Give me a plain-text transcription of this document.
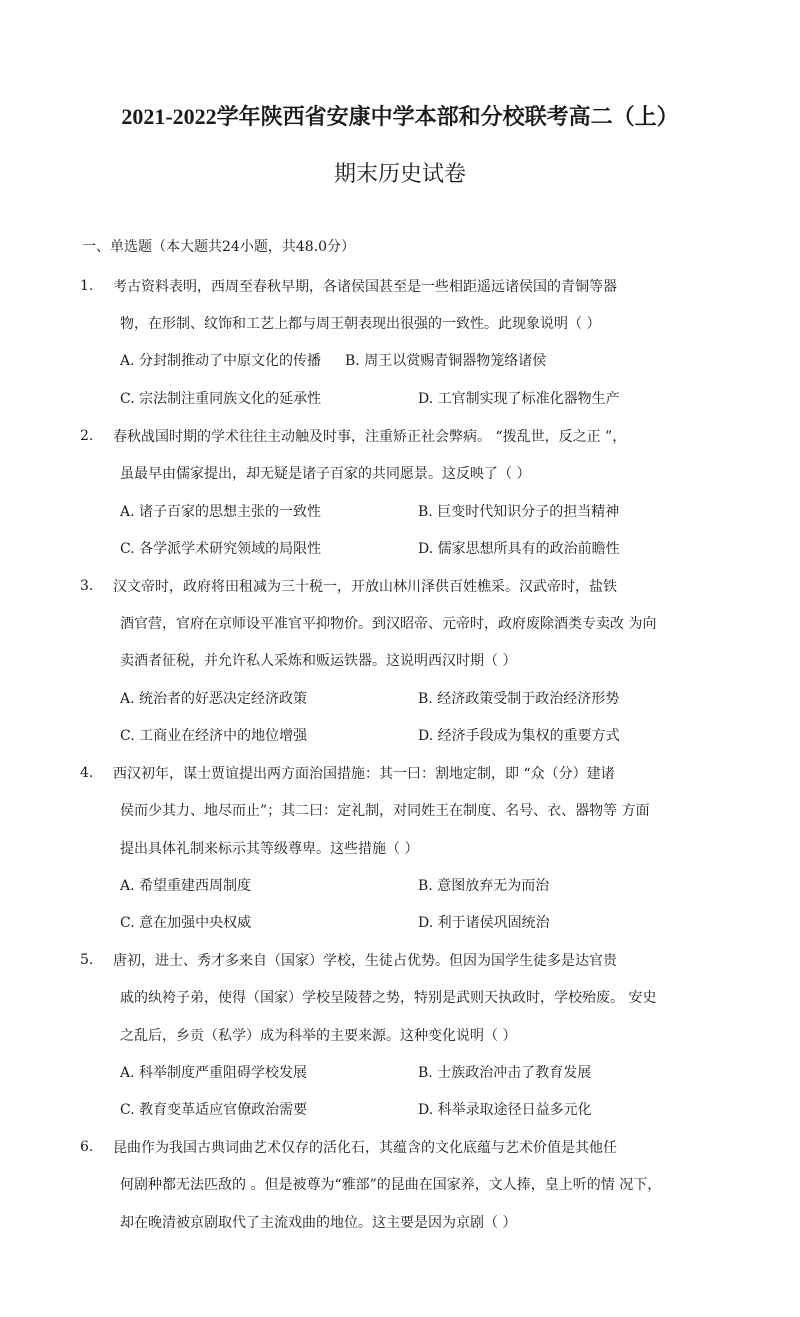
2021-2022学年陕西省安康中学本部和分校联考高二（上）
期末历史试卷
一、单选题（本大题共24小题，共48.0分）
1. 考古资料表明，西周至春秋早期，各诸侯国甚至是一些相距遥远诸侯国的青铜等器
物，在形制、纹饰和工艺上都与周王朝表现出很强的一致性。此现象说明（ ）
A. 分封制推动了中原文化的传播 B. 周王以赏赐青铜器物笼络诸侯
C. 宗法制注重同族文化的延承性	D. 工官制实现了标准化器物生产
2. 春秋战国时期的学术往往主动触及时事，注重矫正社会弊病。 “拨乱世，反之正 ”，
虽最早由儒家提出，却无疑是诸子百家的共同愿景。这反映了（ ）
A. 诸子百家的思想主张的一致性	B. 巨变时代知识分子的担当精神
C. 各学派学术研究领域的局限性	D. 儒家思想所具有的政治前瞻性
3. 汉文帝时，政府将田租减为三十税一，开放山林川泽供百姓樵采。汉武帝时，盐铁
酒官营，官府在京师设平准官平抑物价。到汉昭帝、元帝时，政府废除酒类专卖改 为向
卖酒者征税，并允许私人采炼和贩运铁器。这说明西汉时期（ ）
A. 统治者的好恶决定经济政策	B. 经济政策受制于政治经济形势
C. 工商业在经济中的地位增强	D. 经济手段成为集权的重要方式
4. 西汉初年，谋士贾谊提出两方面治国措施：其一曰：割地定制，即 “众（分）建诸
侯而少其力、地尽而止”；其二曰：定礼制，对同姓王在制度、名号、衣、器物等 方面
提出具体礼制来标示其等级尊卑。这些措施（ ）
A. 希望重建西周制度	B. 意图放弃无为而治
C. 意在加强中央权威	D. 利于诸侯巩固统治
5. 唐初，进士、秀才多来自（国家）学校，生徒占优势。但因为国学生徒多是达官贵
戚的纨袴子弟，使得（国家）学校呈陵替之势，特别是武则天执政时，学校殆废。 安史
之乱后，乡贡（私学）成为科举的主要来源。这种变化说明（ ）
A. 科举制度严重阻碍学校发展	B. 士族政治冲击了教育发展
C. 教育变革适应官僚政治需要	D. 科举录取途径日益多元化
6. 昆曲作为我国古典词曲艺术仅存的活化石，其蕴含的文化底蕴与艺术价值是其他任
何剧种都无法匹敌的 。但是被尊为“雅部”的昆曲在国家养，文人捧，皇上听的情 况下，
却在晚清被京剧取代了主流戏曲的地位。这主要是因为京剧（ ）
